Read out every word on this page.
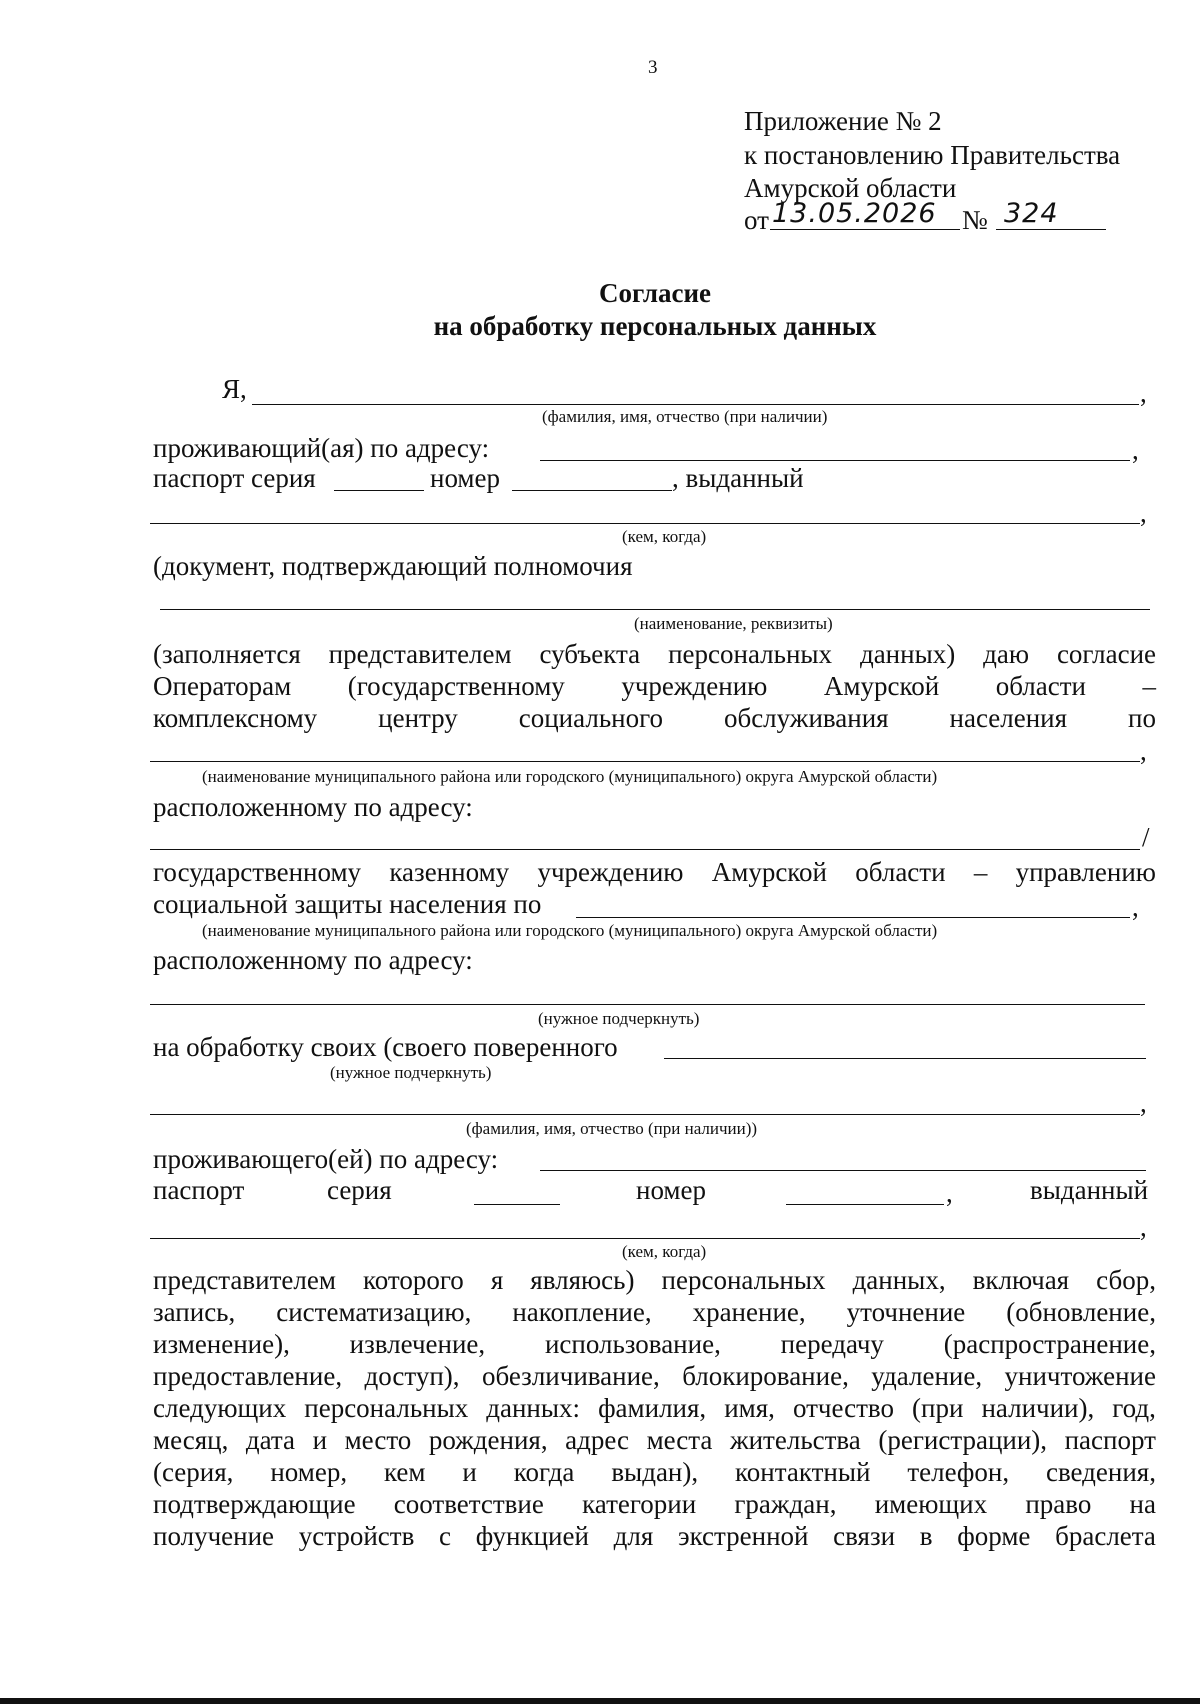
3
Приложение № 2
к постановлению Правительства
Амурской области
от 13.05.2026 № 324
Согласие
на обработку персональных данных
Я,	,
(фамилия, имя, отчество (при наличии)
проживающий(ая) по адресу:	,
паспорт серия	номер	, выданный
,
(кем, когда)
(документ, подтверждающий полномочия
(наименование, реквизиты)
(заполняется представителем субъекта персональных данных) даю согласие
Операторам (государственному учреждению Амурской области –
комплексному центру социального обслуживания населения по
,
(наименование муниципального района или городского (муниципального) округа Амурской области)
расположенному по адресу:
/
государственному казенному учреждению Амурской области – управлению
социальной защиты населения по	,
(наименование муниципального района или городского (муниципального) округа Амурской области)
расположенному по адресу:
(нужное подчеркнуть)
на обработку своих (своего поверенного
(нужное подчеркнуть)
,
(фамилия, имя, отчество (при наличии))
проживающего(ей) по адресу:
паспорт	серия	номер	,	выданный
,
(кем, когда)
представителем которого я являюсь) персональных данных, включая сбор,
запись, систематизацию, накопление, хранение, уточнение (обновление,
изменение), извлечение, использование, передачу (распространение,
предоставление, доступ), обезличивание, блокирование, удаление, уничтожение
следующих персональных данных: фамилия, имя, отчество (при наличии), год,
месяц, дата и место рождения, адрес места жительства (регистрации), паспорт
(серия, номер, кем и когда выдан), контактный телефон, сведения,
подтверждающие соответствие категории граждан, имеющих право на
получение устройств с функцией для экстренной связи в форме браслета
